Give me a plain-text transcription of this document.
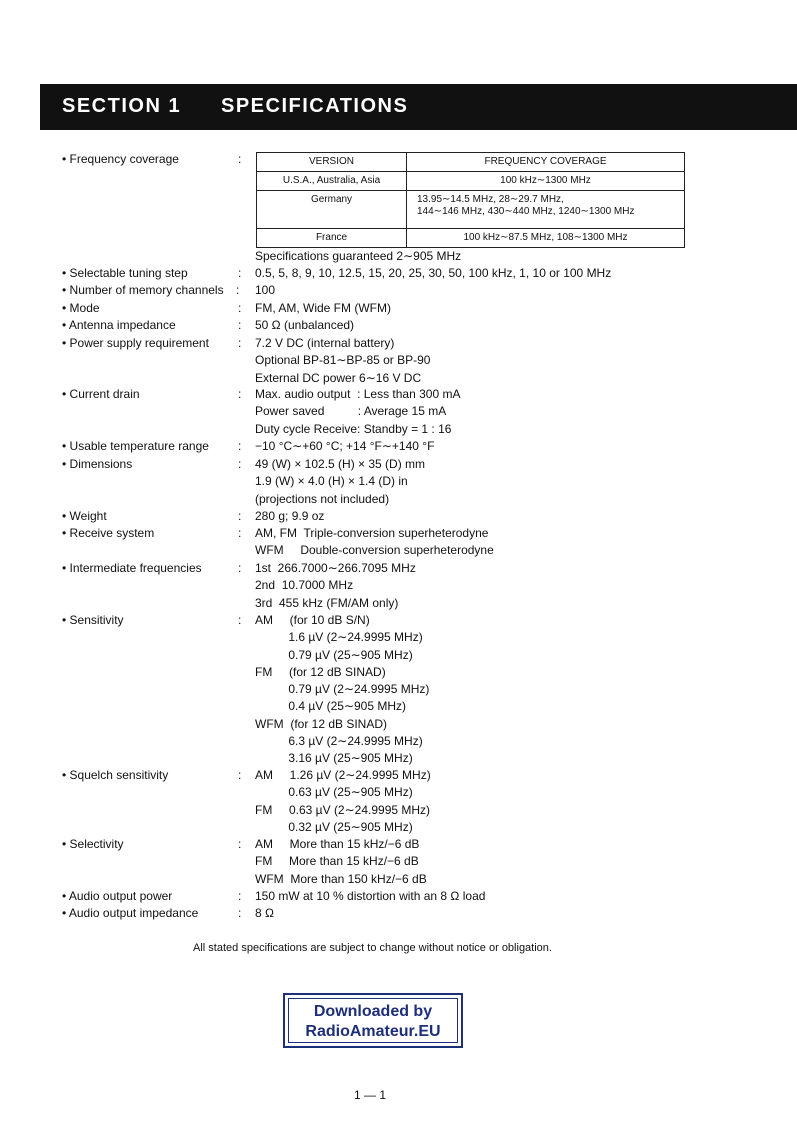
SECTION 1 SPECIFICATIONS
VERSION	FREQUENCY COVERAGE
U.S.A., Australia, Asia	100 kHz∼1300 MHz
Germany	13.95∼14.5 MHz, 28∼29.7 MHz,
144∼146 MHz, 430∼440 MHz, 1240∼1300 MHz

France	100 kHz∼87.5 MHz, 108∼1300 MHz
• Frequency coverage	:
Specifications guaranteed 2∼905 MHz
• Selectable tuning step	: 0.5, 5, 8, 9, 10, 12.5, 15, 20, 25, 30, 50, 100 kHz, 1, 10 or 100 MHz
• Number of memory channels : 100
• Mode	: FM, AM, Wide FM (WFM)
• Antenna impedance	: 50 Ω (unbalanced)
• Power supply requirement : 7.2 V DC (internal battery)
Optional BP-81∼BP-85 or BP-90
External DC power 6∼16 V DC
• Current drain	: Max. audio output  : Less than 300 mA
Power saved          : Average 15 mA
Duty cycle Receive: Standby = 1 : 16
• Usable temperature range : −10 °C∼+60 °C; +14 °F∼+140 °F
• Dimensions	: 49 (W) × 102.5 (H) × 35 (D) mm
1.9 (W) × 4.0 (H) × 1.4 (D) in
(projections not included)
• Weight	: 280 g; 9.9 oz
• Receive system	: AM, FM  Triple-conversion superheterodyne
WFM     Double-conversion superheterodyne
• Intermediate frequencies	: 1st  266.7000∼266.7095 MHz
2nd  10.7000 MHz
3rd  455 kHz (FM/AM only)
• Sensitivity	: AM     (for 10 dB S/N)
1.6 µV (2∼24.9995 MHz)
0.79 µV (25∼905 MHz)
FM     (for 12 dB SINAD)
0.79 µV (2∼24.9995 MHz)
0.4 µV (25∼905 MHz)
WFM  (for 12 dB SINAD)
6.3 µV (2∼24.9995 MHz)
3.16 µV (25∼905 MHz)
• Squelch sensitivity	: AM     1.26 µV (2∼24.9995 MHz)
0.63 µV (25∼905 MHz)
FM     0.63 µV (2∼24.9995 MHz)
0.32 µV (25∼905 MHz)
• Selectivity	: AM     More than 15 kHz/−6 dB
FM     More than 15 kHz/−6 dB
WFM  More than 150 kHz/−6 dB
• Audio output power	: 150 mW at 10 % distortion with an 8 Ω load
• Audio output impedance	: 8 Ω
All stated specifications are subject to change without notice or obligation.
Downloaded by
RadioAmateur.EU
1 — 1
